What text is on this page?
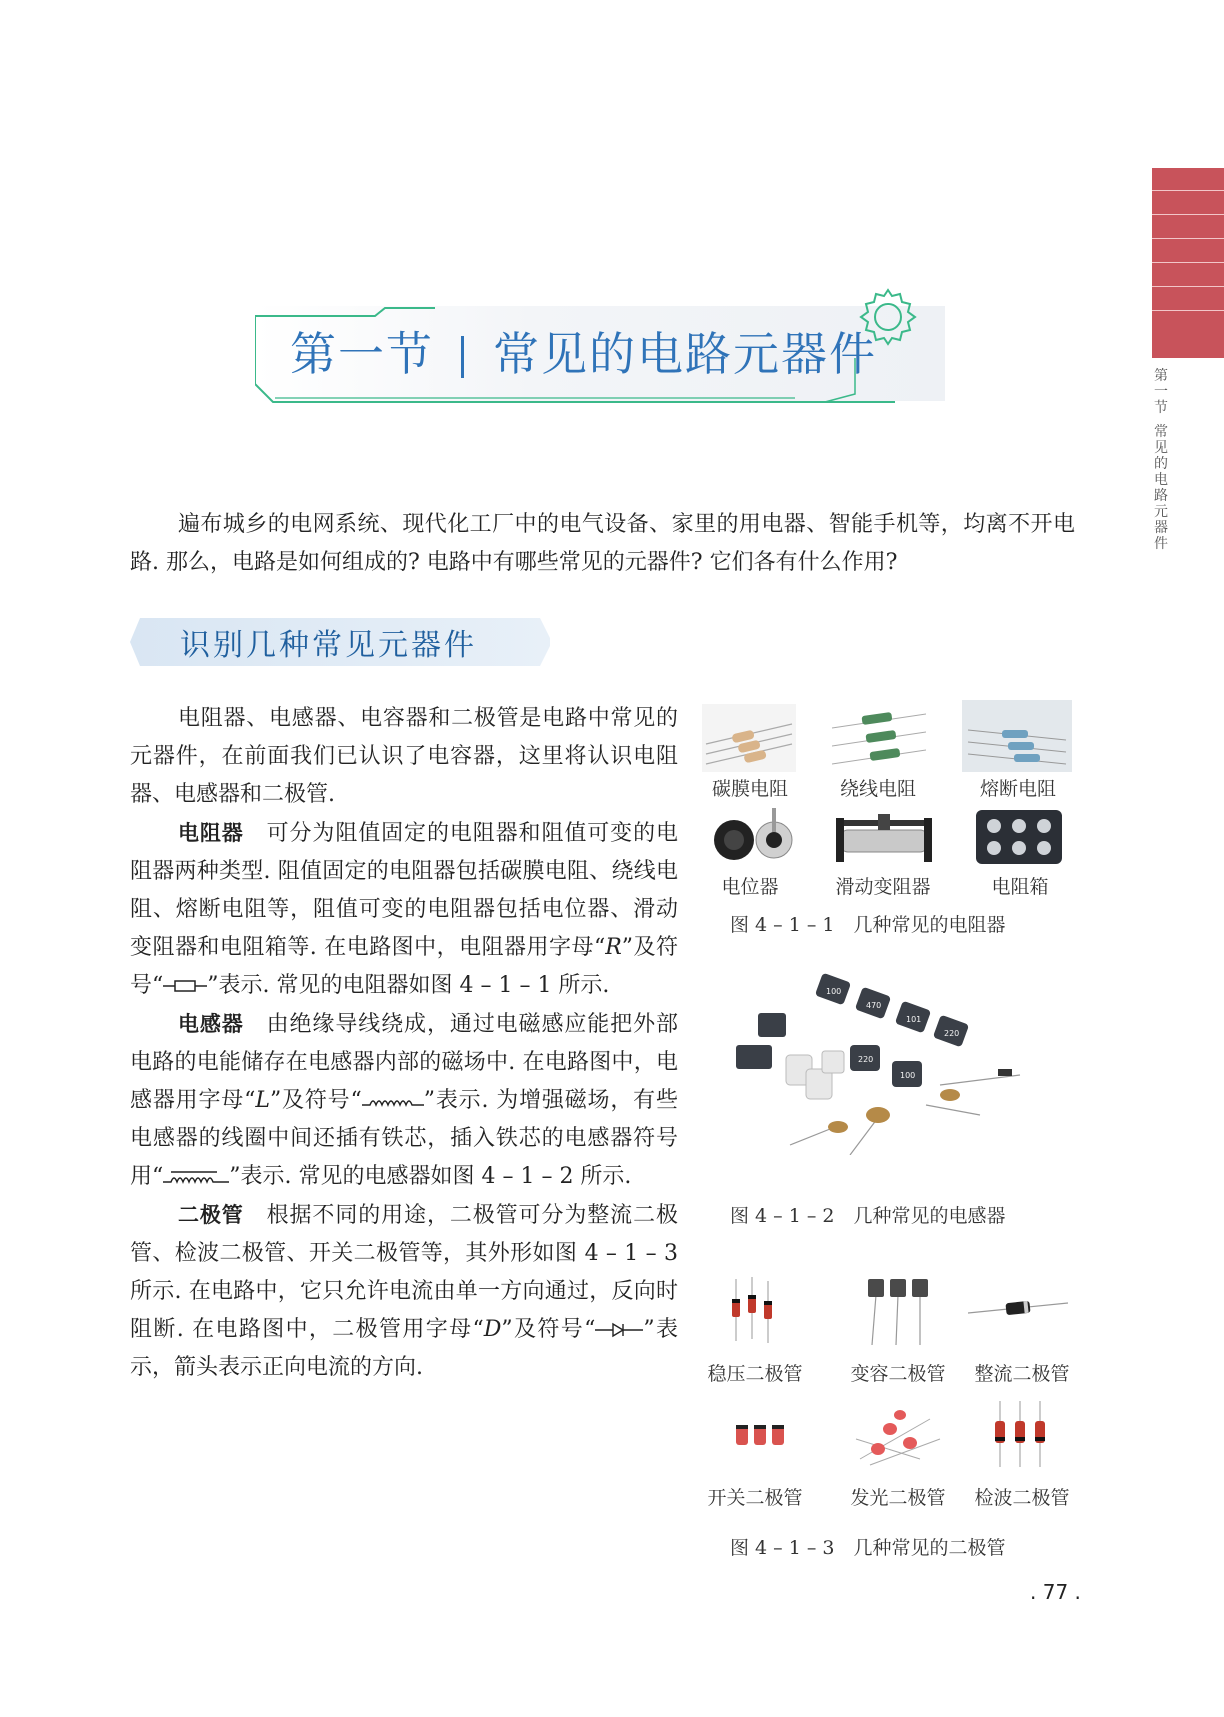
第一节
常见的电路元器件
第一节 常见的电路元器件
遍布城乡的电网系统、现代化工厂中的电气设备、家里的用电器、智能手机等，均离不开电路. 那么，电路是如何组成的? 电路中有哪些常见的元器件? 它们各有什么作用?
识别几种常见元器件

电阻器、电感器、电容器和二极管是电路中常见的元器件，在前面我们已认识了电容器，这里将认识电阻器、电感器和二极管.

电阻器　 可分为阻值固定的电阻器和阻值可变的电阻器两种类型. 阻值固定的电阻器包括碳膜电阻、绕线电阻、熔断电阻等，阻值可变的电阻器包括电位器、滑动变阻器和电阻箱等. 在电路图中，电阻器用字母“R”及符号“ ”表示. 常见的电阻器如图 4 – 1 – 1 所示.

电感器　 由绝缘导线绕成，通过电磁感应能把外部电路的电能储存在电感器内部的磁场中. 在电路图中，电感器用字母“L”及符号“	”表示. 为增强磁场，有些电感器的线圈中间还插有铁芯，插入铁芯的电感器符号用“	”表示. 常见的电感器如图 4 – 1 – 2 所示.

二极管　 根据不同的用途，二极管可分为整流二极管、检波二极管、开关二极管等，其外形如图 4 – 1 – 3 所示. 在电路中，它只允许电流由单一方向通过，反向时阻断. 在电路图中，二极管用字母“D”及符号“ ”表示，箭头表示正向电流的方向.

碳膜电阻	绕线电阻	熔断电阻
电位器	滑动变阻器	电阻箱
图 4 – 1 – 1　几种常见的电阻器
100
470
101
220
220
100
图 4 – 1 – 2　几种常见的电感器
稳压二极管	变容二极管	整流二极管
开关二极管	发光二极管	检波二极管
图 4 – 1 – 3　几种常见的二极管
. 77 .
